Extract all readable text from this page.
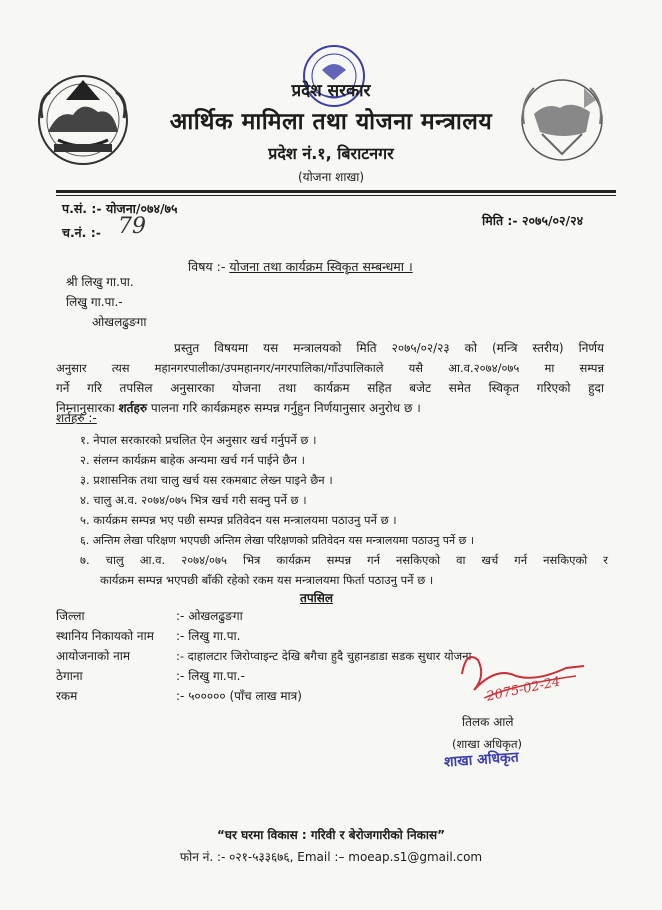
प्रदेश सरकार
आर्थिक मामिला तथा योजना मन्त्रालय
प्रदेश नं.१, बिराटनगर
(योजना शाखा)
प.सं. :- योजना/०७४/७५
च.नं. :- 79	मिति :- २०७५/०२/२४
विषय :- योजना तथा कार्यक्रम स्विकृत सम्बन्धमा ।
श्री लिखु गा.पा.
लिखु गा.पा.-
ओखलढुङगा
प्रस्तुत विषयमा यस मन्त्रालयको मिति २०७५/०२/२३ को (मन्त्रि स्तरीय) निर्णय
अनुसार त्यस महानगरपालीका/उपमहानगर/नगरपालिका/गाँउपालिकाले यसै आ.व.२०७४/०७५ मा सम्पन्न
गर्ने गरि तपसिल अनुसारका योजना तथा कार्यक्रम सहित बजेट समेत स्विकृत गरिएको हुदा
निम्नानुसारका शर्तहरु पालना गरि कार्यक्रमहरु सम्पन्न गर्नुहुन निर्णयानुसार अनुरोध छ ।
शर्तहरु :-
१. नेपाल सरकारको प्रचलित ऐन अनुसार खर्च गर्नुपर्ने छ ।
२. संलग्न कार्यक्रम बाहेक अन्यमा खर्च गर्न पाईने छैन ।
३. प्रशासनिक तथा चालु खर्च यस रकमबाट लेख्न पाइने छैन ।
४. चालु अ.व. २०७४/०७५ भित्र खर्च गरी सक्नु पर्ने छ ।
५. कार्यक्रम सम्पन्न भए पछी सम्पन्न प्रतिवेदन यस मन्त्रालयमा पठाउनु पर्ने छ ।
६. अन्तिम लेखा परिक्षण भएपछी अन्तिम लेखा परिक्षणको प्रतिवेदन यस मन्त्रालयमा पठाउनु पर्ने छ ।
७. चालु आ.व. २०७४/०७५ भित्र कार्यक्रम सम्पन्न गर्न नसकिएको वा खर्च गर्न नसकिएको र
कार्यक्रम सम्पन्न भएपछी बाँकी रहेको रकम यस मन्त्रालयमा फिर्ता पठाउनु पर्ने छ ।
तपसिल
जिल्ला	:- ओखलढुङगा
स्थानिय निकायको नाम :- लिखु गा.पा.
आयोजनाको नाम	:- दाहालटार जिरोप्वाइन्ट देखि बगैचा हुदै चुहानडाडा सडक सुधार योजना
ठेगाना	:- लिखु गा.पा.-
रकम	:- ५००००० (पाँच लाख मात्र)	2075-02-24
तिलक आले
(शाखा अधिकृत)
शाखा अधिकृत
“घर घरमा विकास : गरिवी र बेरोजगारीको निकास”
फोन नं. :- ०२१-५३३६७६, Email :– moeap.s1@gmail.com
